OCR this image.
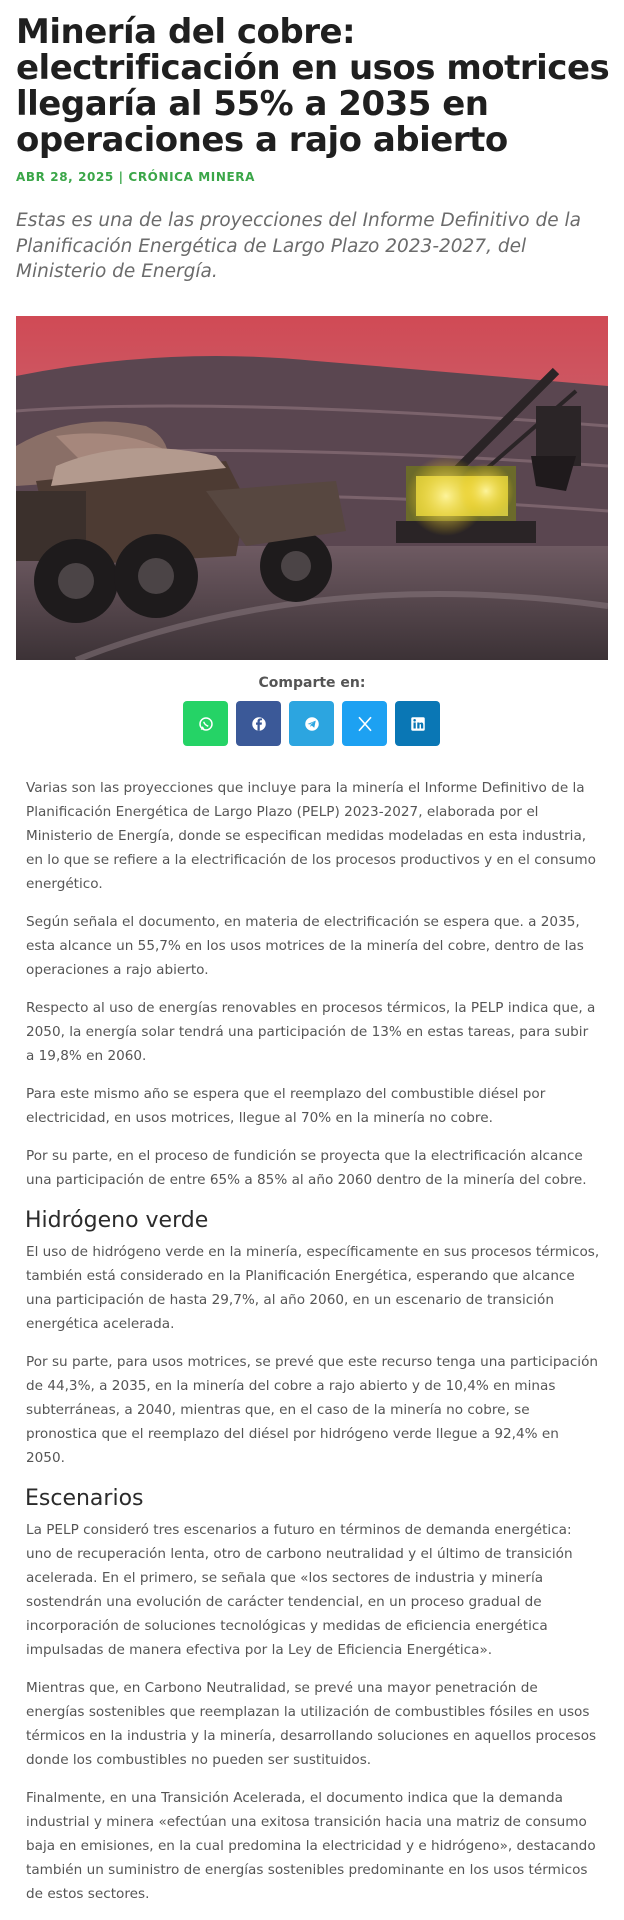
Minería del cobre: electrificación en usos motrices llegaría al 55% a 2035 en operaciones a rajo abierto
ABR 28, 2025 | CRÓNICA MINERA

Estas es una de las proyecciones del Informe Definitivo de la Planificación Energética de Largo Plazo 2023-2027, del Ministerio de Energía.

Comparte en:

Varias son las proyecciones que incluye para la minería el Informe Definitivo de la Planificación Energética de Largo Plazo (PELP) 2023-2027, elaborada por el Ministerio de Energía, donde se especifican medidas modeladas en esta industria, en lo que se refiere a la electrificación de los procesos productivos y en el consumo energético.

Según señala el documento, en materia de electrificación se espera que. a 2035, esta alcance un 55,7% en los usos motrices de la minería del cobre, dentro de las operaciones a rajo abierto.

Respecto al uso de energías renovables en procesos térmicos, la PELP indica que, a 2050, la energía solar tendrá una participación de 13% en estas tareas, para subir a 19,8% en 2060.

Para este mismo año se espera que el reemplazo del combustible diésel por electricidad, en usos motrices, llegue al 70% en la minería no cobre.

Por su parte, en el proceso de fundición se proyecta que la electrificación alcance una participación de entre 65% a 85% al año 2060 dentro de la minería del cobre.

Hidrógeno verde

El uso de hidrógeno verde en la minería, específicamente en sus procesos térmicos, también está considerado en la Planificación Energética, esperando que alcance una participación de hasta 29,7%, al año 2060, en un escenario de transición energética acelerada.

Por su parte, para usos motrices, se prevé que este recurso tenga una participación de 44,3%, a 2035, en la minería del cobre a rajo abierto y de 10,4% en minas subterráneas, a 2040, mientras que, en el caso de la minería no cobre, se pronostica que el reemplazo del diésel por hidrógeno verde llegue a 92,4% en 2050.

Escenarios

La PELP consideró tres escenarios a futuro en términos de demanda energética: uno de recuperación lenta, otro de carbono neutralidad y el último de transición acelerada. En el primero, se señala que «los sectores de industria y minería sostendrán una evolución de carácter tendencial, en un proceso gradual de incorporación de soluciones tecnológicas y medidas de eficiencia energética impulsadas de manera efectiva por la Ley de Eficiencia Energética».

Mientras que, en Carbono Neutralidad, se prevé una mayor penetración de energías sostenibles que reemplazan la utilización de combustibles fósiles en usos térmicos en la industria y la minería, desarrollando soluciones en aquellos procesos donde los combustibles no pueden ser sustituidos.

Finalmente, en una Transición Acelerada, el documento indica que la demanda industrial y minera «efectúan una exitosa transición hacia una matriz de consumo baja en emisiones, en la cual predomina la electricidad y e hidrógeno», destacando también un suministro de energías sostenibles predominante en los usos térmicos de estos sectores.
